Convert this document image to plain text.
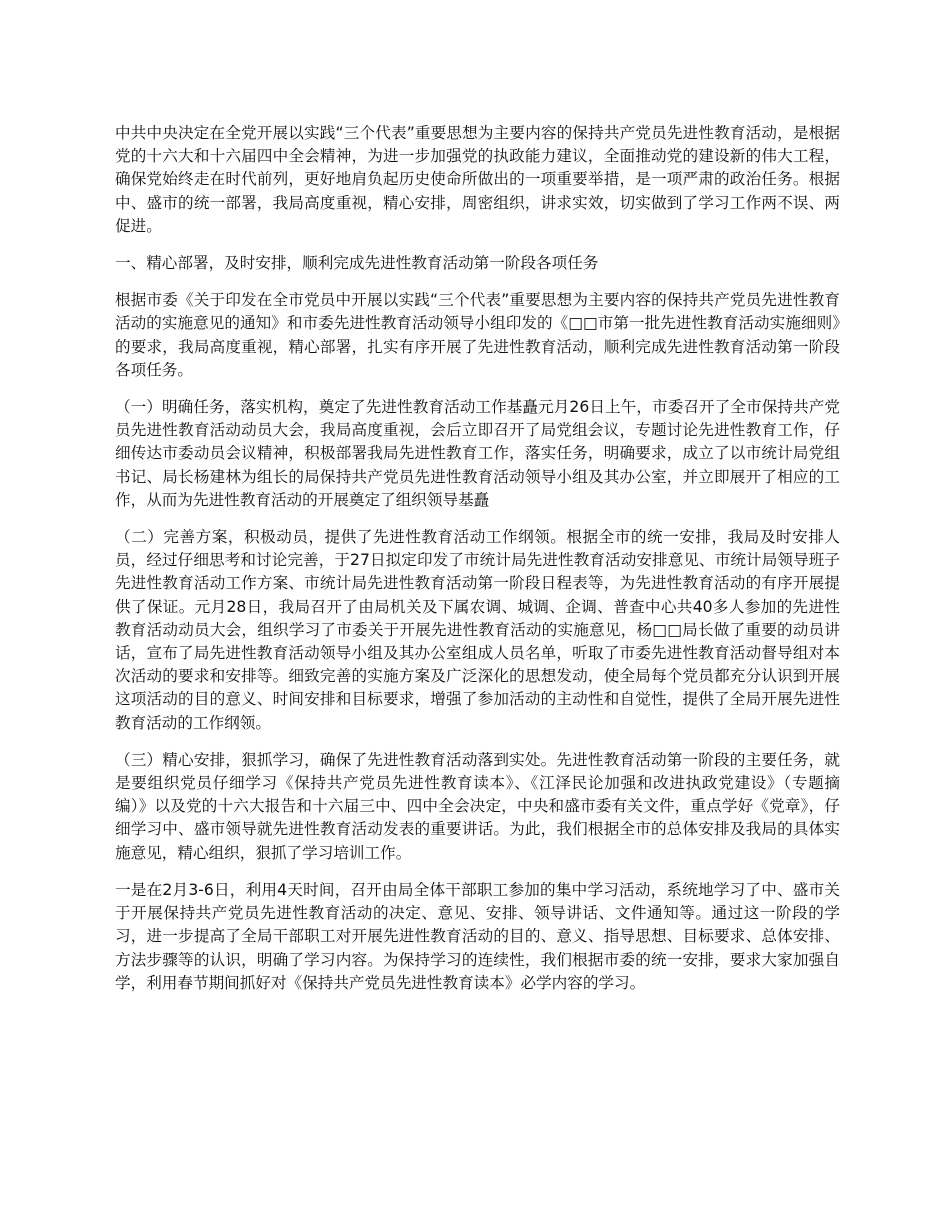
中共中央决定在全党开展以实践“三个代表”重要思想为主要内容的保持共产党员先进性教育活动，是根据党的十六大和十六届四中全会精神，为进一步加强党的执政能力建议，全面推动党的建设新的伟大工程，确保党始终走在时代前列，更好地肩负起历史使命所做出的一项重要举措，是一项严肃的政治任务。根据中、盛市的统一部署，我局高度重视，精心安排，周密组织，讲求实效，切实做到了学习工作两不误、两促进。

一、精心部署，及时安排，顺利完成先进性教育活动第一阶段各项任务

根据市委《关于印发在全市党员中开展以实践“三个代表”重要思想为主要内容的保持共产党员先进性教育活动的实施意见的通知》和市委先进性教育活动领导小组印发的《□□市第一批先进性教育活动实施细则》的要求，我局高度重视，精心部署，扎实有序开展了先进性教育活动，顺利完成先进性教育活动第一阶段各项任务。

（一）明确任务，落实机构，奠定了先进性教育活动工作基矗元月26日上午，市委召开了全市保持共产党员先进性教育活动动员大会，我局高度重视，会后立即召开了局党组会议，专题讨论先进性教育工作，仔细传达市委动员会议精神，积极部署我局先进性教育工作，落实任务，明确要求，成立了以市统计局党组书记、局长杨建林为组长的局保持共产党员先进性教育活动领导小组及其办公室，并立即展开了相应的工作，从而为先进性教育活动的开展奠定了组织领导基矗

（二）完善方案，积极动员，提供了先进性教育活动工作纲领。根据全市的统一安排，我局及时安排人员，经过仔细思考和讨论完善，于27日拟定印发了市统计局先进性教育活动安排意见、市统计局领导班子先进性教育活动工作方案、市统计局先进性教育活动第一阶段日程表等，为先进性教育活动的有序开展提供了保证。元月28日，我局召开了由局机关及下属农调、城调、企调、普查中心共40多人参加的先进性教育活动动员大会，组织学习了市委关于开展先进性教育活动的实施意见，杨□□局长做了重要的动员讲话，宣布了局先进性教育活动领导小组及其办公室组成人员名单，听取了市委先进性教育活动督导组对本次活动的要求和安排等。细致完善的实施方案及广泛深化的思想发动，使全局每个党员都充分认识到开展这项活动的目的意义、时间安排和目标要求，增强了参加活动的主动性和自觉性，提供了全局开展先进性教育活动的工作纲领。

（三）精心安排，狠抓学习，确保了先进性教育活动落到实处。先进性教育活动第一阶段的主要任务，就是要组织党员仔细学习《保持共产党员先进性教育读本》、《江泽民论加强和改进执政党建设》（专题摘编）》以及党的十六大报告和十六届三中、四中全会决定，中央和盛市委有关文件，重点学好《党章》，仔细学习中、盛市领导就先进性教育活动发表的重要讲话。为此，我们根据全市的总体安排及我局的具体实施意见，精心组织，狠抓了学习培训工作。

一是在2月3-6日，利用4天时间，召开由局全体干部职工参加的集中学习活动，系统地学习了中、盛市关于开展保持共产党员先进性教育活动的决定、意见、安排、领导讲话、文件通知等。通过这一阶段的学习，进一步提高了全局干部职工对开展先进性教育活动的目的、意义、指导思想、目标要求、总体安排、方法步骤等的认识，明确了学习内容。为保持学习的连续性，我们根据市委的统一安排，要求大家加强自学，利用春节期间抓好对《保持共产党员先进性教育读本》必学内容的学习。
